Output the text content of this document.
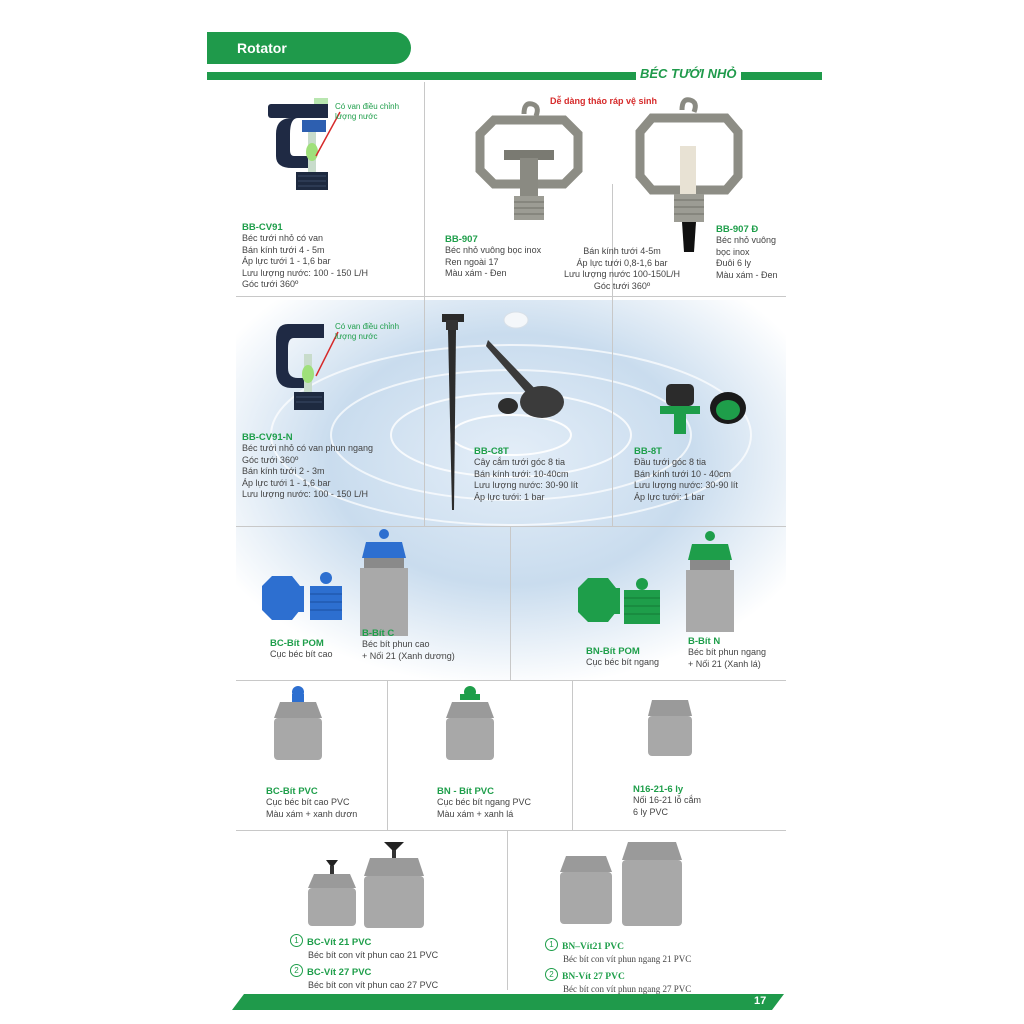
Rotator
BÉC TƯỚI NHỎ
Có van điều chỉnh
lượng nước
BB-CV91
Béc tưới nhỏ có van
Bán kính tưới 4 - 5m
Áp lực tưới 1 - 1,6 bar
Lưu lượng nước: 100 - 150 L/H
Góc tưới 360º
Dễ dàng tháo ráp vệ sinh
BB-907
Béc nhỏ vuông bọc inox
Ren ngoài 17
Màu xám - Đen
Bán kính tưới 4-5m
Áp lực tưới 0,8-1,6 bar
Lưu lượng nước 100-150L/H
Góc tưới 360º
BB-907 Đ
Béc nhỏ vuông
bọc inox
Đuôi 6 ly
Màu xám - Đen
Có van điều chỉnh
lượng nước
BB-CV91-N
Béc tưới nhỏ có van phun ngang
Góc tưới 360º
Bán kính tưới 2 - 3m
Áp lực tưới 1 - 1,6 bar
Lưu lượng nước: 100 - 150 L/H
BB-C8T
Cây cắm tưới góc 8 tia
Bán kính tưới: 10-40cm
Lưu lượng nước: 30-90 lít
Áp lực tưới: 1 bar
BB-8T
Đầu tưới góc 8 tia
Bán kính tưới 10 - 40cm
Lưu lượng nước: 30-90 lít
Áp lực tưới: 1 bar
BC-Bít POM
Cục béc bít cao
B-Bít C
Béc bít phun cao
+ Nối 21 (Xanh dương)	BN-Bít POM
Cục béc bít ngang
B-Bít N
Béc bít phun ngang
+ Nối 21 (Xanh lá)
BC-Bít PVC
Cục béc bít cao PVC
Màu xám + xanh dươn
BN - Bít PVC
Cục béc bít ngang PVC
Màu xám + xanh lá
N16-21-6 ly
Nối 16-21 lỗ cắm
6 ly PVC
1 BC-Vít 21 PVC
Béc bít con vít phun cao 21 PVC
2 BC-Vít 27 PVC
Béc bít con vít phun cao 27 PVC
1 BN–Vít21 PVC
Béc bít con vít phun ngang 21 PVC
2 BN-Vít 27 PVC
Béc bít con vít phun ngang 27 PVC
17
